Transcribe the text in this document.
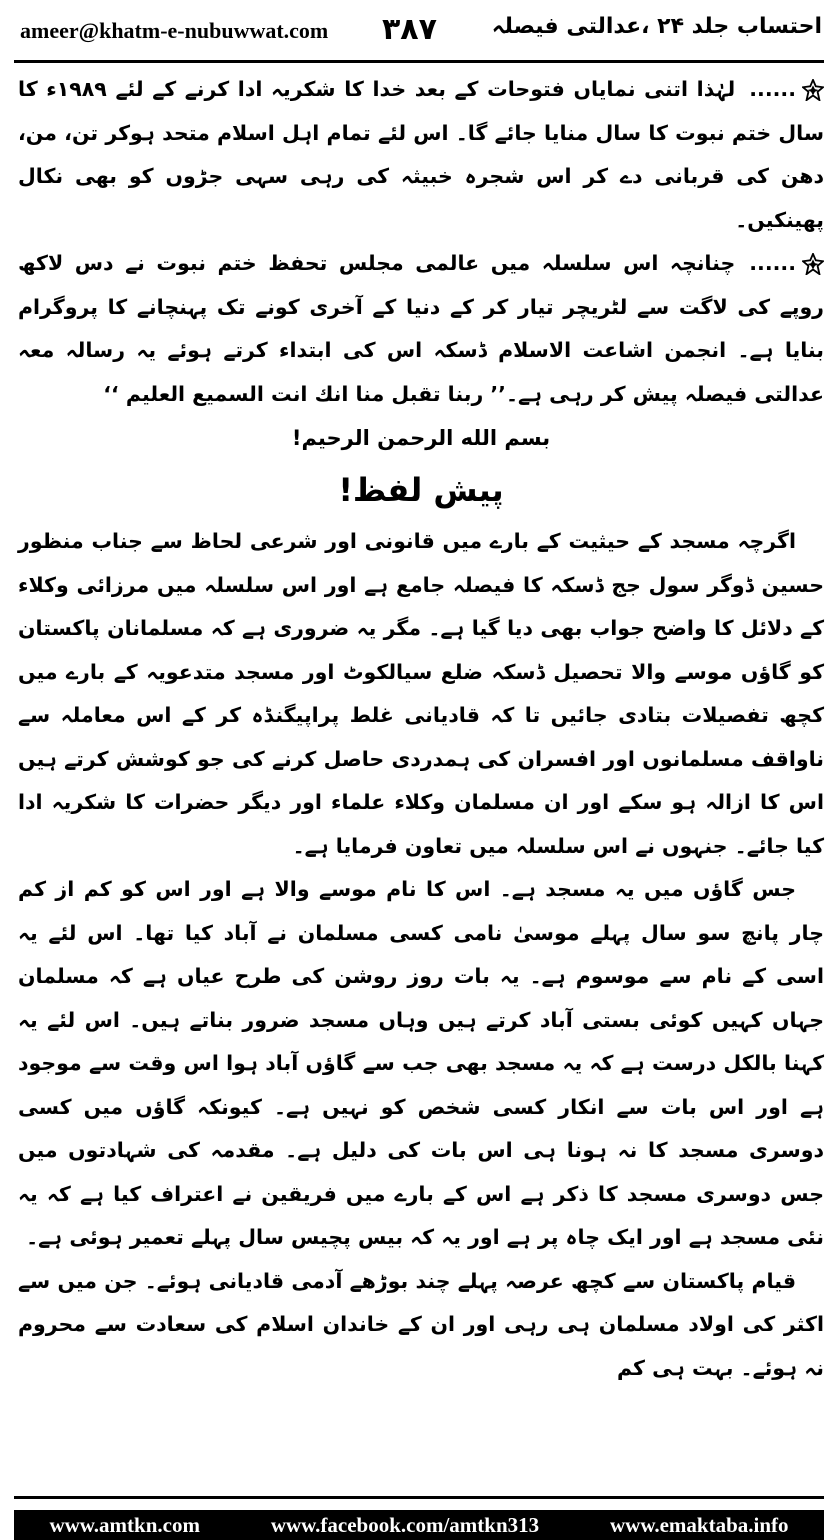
ameer@khatm-e-nubuwwat.com ۳۸۷ احتساب جلد ۲۴ ،عدالتی فیصلہ

......لہٰذا اتنی نمایاں فتوحات کے بعد خدا کا شکریہ ادا کرنے کے لئے ۱۹۸۹ء کا سال ختم نبوت کا سال منایا جائے گا۔ اس لئے تمام اہل اسلام متحد ہوکر تن، من، دھن کی قربانی دے کر اس شجرہ خبیثہ کی رہی سہی جڑوں کو بھی نکال پھینکیں۔

......چنانچہ اس سلسلہ میں عالمی مجلس تحفظ ختم نبوت نے دس لاکھ روپے کی لاگت سے لٹریچر تیار کر کے دنیا کے آخری کونے تک پہنچانے کا پروگرام بنایا ہے۔ انجمن اشاعت الاسلام ڈسکہ اس کی ابتداء کرتے ہوئے یہ رسالہ معہ عدالتی فیصلہ پیش کر رہی ہے۔’’ ربنا تقبل منا انك انت السميع العليم ‘‘

بسم الله الرحمن الرحيم!

پیش لفظ!

اگرچہ مسجد کے حیثیت کے بارے میں قانونی اور شرعی لحاظ سے جناب منظور حسین ڈوگر سول جج ڈسکہ کا فیصلہ جامع ہے اور اس سلسلہ میں مرزائی وکلاء کے دلائل کا واضح جواب بھی دیا گیا ہے۔ مگر یہ ضروری ہے کہ مسلمانان پاکستان کو گاؤں موسے والا تحصیل ڈسکہ ضلع سیالکوٹ اور مسجد متدعویہ کے بارے میں کچھ تفصیلات بتادی جائیں تا کہ قادیانی غلط پراپیگنڈہ کر کے اس معاملہ سے ناواقف مسلمانوں اور افسران کی ہمدردی حاصل کرنے کی جو کوشش کرتے ہیں اس کا ازالہ ہو سکے اور ان مسلمان وکلاء علماء اور دیگر حضرات کا شکریہ ادا کیا جائے۔ جنہوں نے اس سلسلہ میں تعاون فرمایا ہے۔

جس گاؤں میں یہ مسجد ہے۔ اس کا نام موسے والا ہے اور اس کو کم از کم چار پانچ سو سال پہلے موسیٰ نامی کسی مسلمان نے آباد کیا تھا۔ اس لئے یہ اسی کے نام سے موسوم ہے۔ یہ بات روز روشن کی طرح عیاں ہے کہ مسلمان جہاں کہیں کوئی بستی آباد کرتے ہیں وہاں مسجد ضرور بناتے ہیں۔ اس لئے یہ کہنا بالکل درست ہے کہ یہ مسجد بھی جب سے گاؤں آباد ہوا اس وقت سے موجود ہے اور اس بات سے انکار کسی شخص کو نہیں ہے۔ کیونکہ گاؤں میں کسی دوسری مسجد کا نہ ہونا ہی اس بات کی دلیل ہے۔ مقدمہ کی شہادتوں میں جس دوسری مسجد کا ذکر ہے اس کے بارے میں فریقین نے اعتراف کیا ہے کہ یہ نئی مسجد ہے اور ایک چاہ پر ہے اور یہ کہ بیس پچیس سال پہلے تعمیر ہوئی ہے۔

قیام پاکستان سے کچھ عرصہ پہلے چند بوڑھے آدمی قادیانی ہوئے۔ جن میں سے اکثر کی اولاد مسلمان ہی رہی اور ان کے خاندان اسلام کی سعادت سے محروم نہ ہوئے۔ بہت ہی کم

www.amtkn.com	www.facebook.com/amtkn313	www.emaktaba.info
